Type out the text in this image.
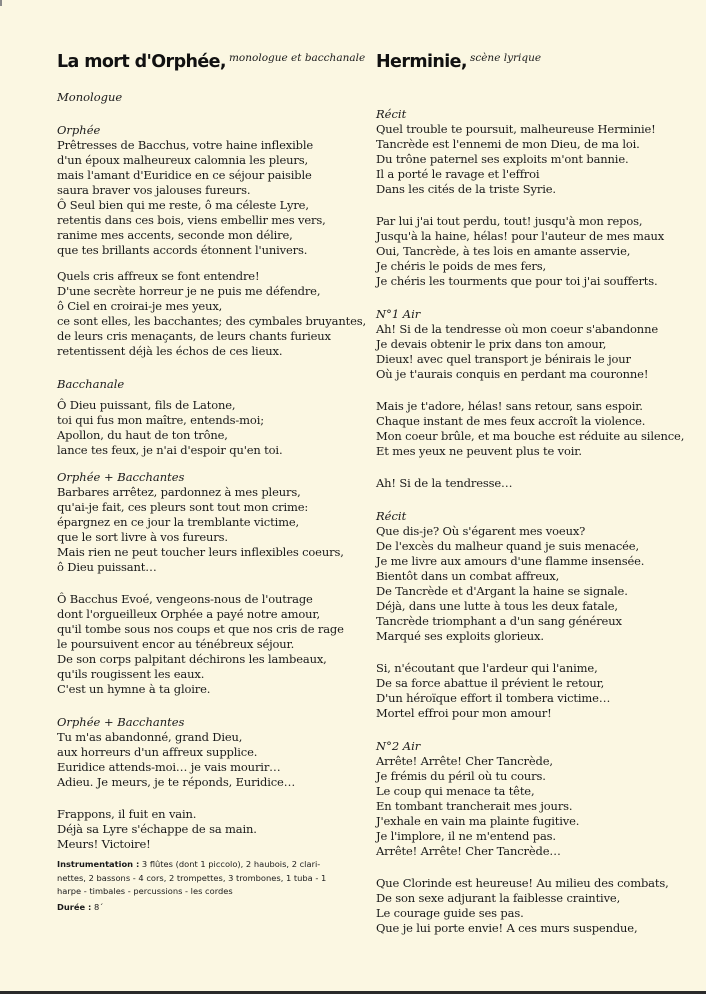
La mort d'Orphée, $^{monologue et bacchanale}$

Monologue

Orphée

Prêtresses de Bacchus, votre haine inflexible

d'un époux malheureux calomnia les pleurs,

mais l'amant d'Euridice en ce séjour paisible

saura braver vos jalouses fureurs.

Ô Seul bien qui me reste, ô ma céleste Lyre,

retentis dans ces bois, viens embellir mes vers,

ranime mes accents, seconde mon délire,

que tes brillants accords étonnent l'univers.

Quels cris affreux se font entendre!

D'une secrète horreur je ne puis me défendre,

ô Ciel en croirai-je mes yeux,

ce sont elles, les bacchantes; des cymbales bruyantes,

de leurs cris menaçants, de leurs chants furieux

retentissent déjà les échos de ces lieux.

Bacchanale

Ô Dieu puissant, fils de Latone,

toi qui fus mon maître, entends-moi;

Apollon, du haut de ton trône,

lance tes feux, je n'ai d'espoir qu'en toi.

Orphée + Bacchantes

Barbares arrêtez, pardonnez à mes pleurs,

qu'ai-je fait, ces pleurs sont tout mon crime:

épargnez en ce jour la tremblante victime,

que le sort livre à vos fureurs.

Mais rien ne peut toucher leurs inflexibles coeurs,

ô Dieu puissant…

Ô Bacchus Evoé, vengeons-nous de l'outrage

dont l'orgueilleux Orphée a payé notre amour,

qu'il tombe sous nos coups et que nos cris de rage

le poursuivent encor au ténébreux séjour.

De son corps palpitant déchirons les lambeaux,

qu'ils rougissent les eaux.

C'est un hymne à ta gloire.

Orphée + Bacchantes

Tu m'as abandonné, grand Dieu,

aux horreurs d'un affreux supplice.

Euridice attends-moi… je vais mourir…

Adieu. Je meurs, je te réponds, Euridice…

Frappons, il fuit en vain.

Déjà sa Lyre s'échappe de sa main.

Meurs! Victoire!

Instrumentation : 3 flûtes (dont 1 piccolo), 2 haubois, 2 clari-
nettes, 2 bassons - 4 cors, 2 trompettes, 3 trombones, 1 tuba - 1
harpe - timbales - percussions - les cordes
Durée : 8´
Herminie, $^{scène lyrique}$

Récit

Quel trouble te poursuit, malheureuse Herminie!

Tancrède est l'ennemi de mon Dieu, de ma loi.

Du trône paternel ses exploits m'ont bannie.

Il a porté le ravage et l'effroi

Dans les cités de la triste Syrie.

Par lui j'ai tout perdu, tout! jusqu'à mon repos,

Jusqu'à la haine, hélas! pour l'auteur de mes maux

Oui, Tancrède, à tes lois en amante asservie,

Je chéris le poids de mes fers,

Je chéris les tourments que pour toi j'ai soufferts.

N°1 Air

Ah! Si de la tendresse où mon coeur s'abandonne

Je devais obtenir le prix dans ton amour,

Dieux! avec quel transport je bénirais le jour

Où je t'aurais conquis en perdant ma couronne!

Mais je t'adore, hélas! sans retour, sans espoir.

Chaque instant de mes feux accroît la violence.

Mon coeur brûle, et ma bouche est réduite au silence,

Et mes yeux ne peuvent plus te voir.

Ah! Si de la tendresse…

Récit

Que dis-je? Où s'égarent mes voeux?

De l'excès du malheur quand je suis menacée,

Je me livre aux amours d'une flamme insensée.

Bientôt dans un combat affreux,

De Tancrède et d'Argant la haine se signale.

Déjà, dans une lutte à tous les deux fatale,

Tancrède triomphant a d'un sang généreux

Marqué ses exploits glorieux.

Si, n'écoutant que l'ardeur qui l'anime,

De sa force abattue il prévient le retour,

D'un héroïque effort il tombera victime…

Mortel effroi pour mon amour!

N°2 Air

Arrête! Arrête! Cher Tancrède,

Je frémis du péril où tu cours.

Le coup qui menace ta tête,

En tombant trancherait mes jours.

J'exhale en vain ma plainte fugitive.

Je l'implore, il ne m'entend pas.

Arrête! Arrête! Cher Tancrède…

Que Clorinde est heureuse! Au milieu des combats,

De son sexe adjurant la faiblesse craintive,

Le courage guide ses pas.

Que je lui porte envie! A ces murs suspendue,
